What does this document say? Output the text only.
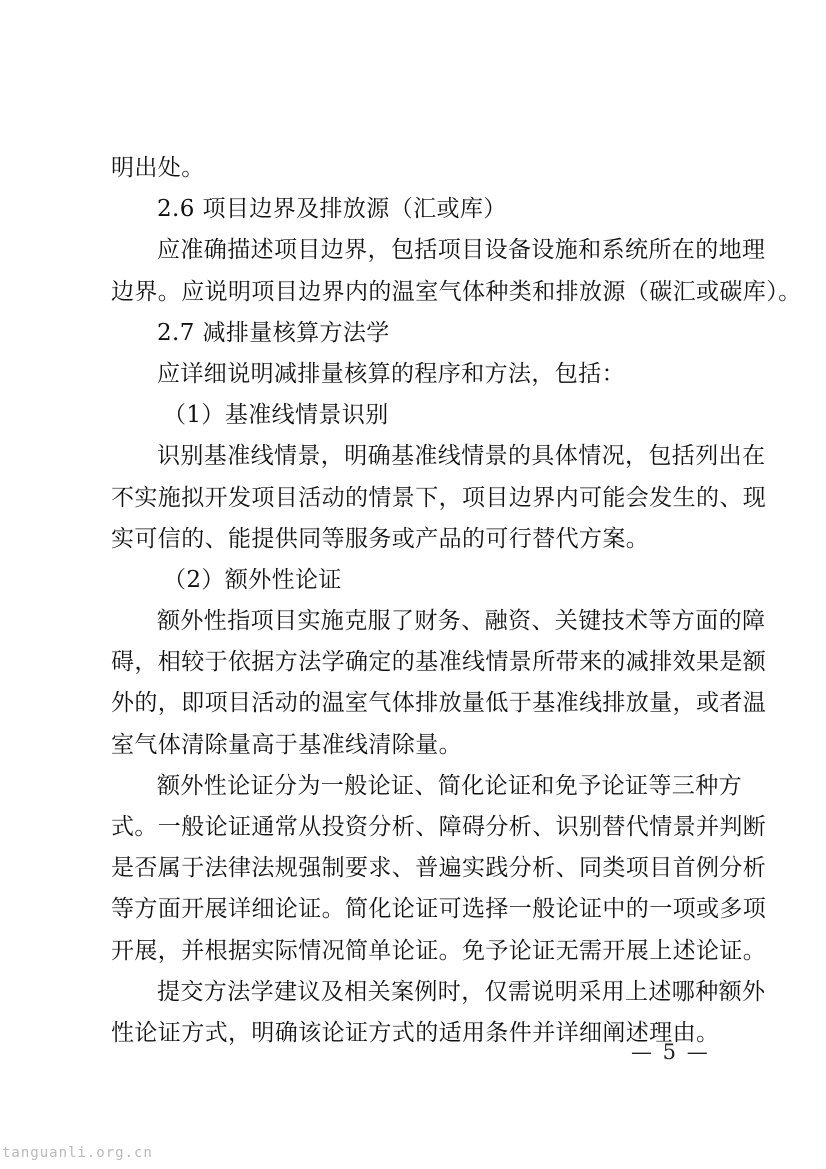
明出处。
2.6 项目边界及排放源（汇或库）
应准确描述项目边界，包括项目设备设施和系统所在的地理
边界。应说明项目边界内的温室气体种类和排放源（碳汇或碳库）。
2.7 减排量核算方法学
应详细说明减排量核算的程序和方法，包括：
（1）基准线情景识别
识别基准线情景，明确基准线情景的具体情况，包括列出在
不实施拟开发项目活动的情景下，项目边界内可能会发生的、现
实可信的、能提供同等服务或产品的可行替代方案。
（2）额外性论证
额外性指项目实施克服了财务、融资、关键技术等方面的障
碍，相较于依据方法学确定的基准线情景所带来的减排效果是额
外的，即项目活动的温室气体排放量低于基准线排放量，或者温
室气体清除量高于基准线清除量。
额外性论证分为一般论证、简化论证和免予论证等三种方
式。一般论证通常从投资分析、障碍分析、识别替代情景并判断
是否属于法律法规强制要求、普遍实践分析、同类项目首例分析
等方面开展详细论证。简化论证可选择一般论证中的一项或多项
开展，并根据实际情况简单论证。免予论证无需开展上述论证。
提交方法学建议及相关案例时，仅需说明采用上述哪种额外
性论证方式，明确该论证方式的适用条件并详细阐述理由。
— 5 —
tanguanli.org.cn
